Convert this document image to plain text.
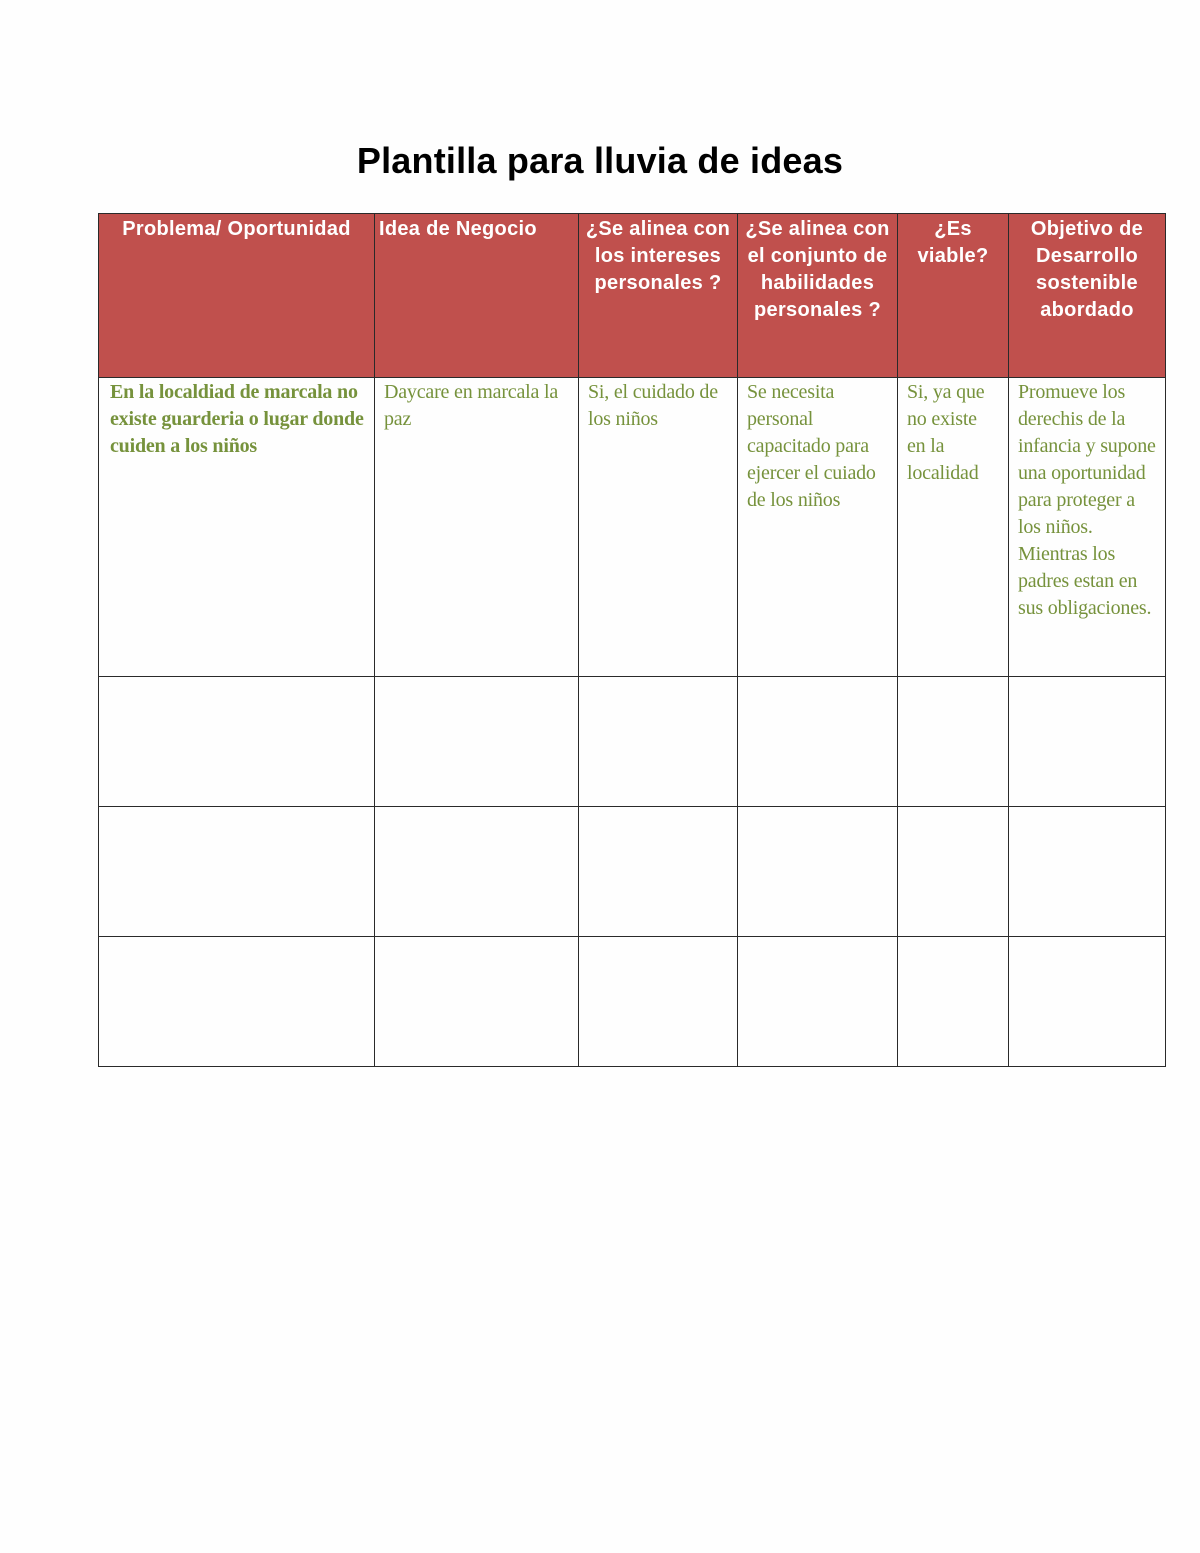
Plantilla para lluvia de ideas
Problema/ Oportunidad	Idea de Negocio	¿Se alinea con los intereses personales ?	¿Se alinea con el conjunto de habilidades personales ?	¿Es viable?	Objetivo de Desarrollo sostenible abordado
En la localdiad de marcala no existe guarderia o lugar donde cuiden a los niños	Daycare en marcala la paz	Si, el cuidado de los niños	Se necesita personal capacitado para ejercer el cuiado de los niños	Si, ya que no existe en la localidad	Promueve los derechis de la infancia y supone una oportunidad para proteger a los niños. Mientras los padres estan en sus obligaciones.
